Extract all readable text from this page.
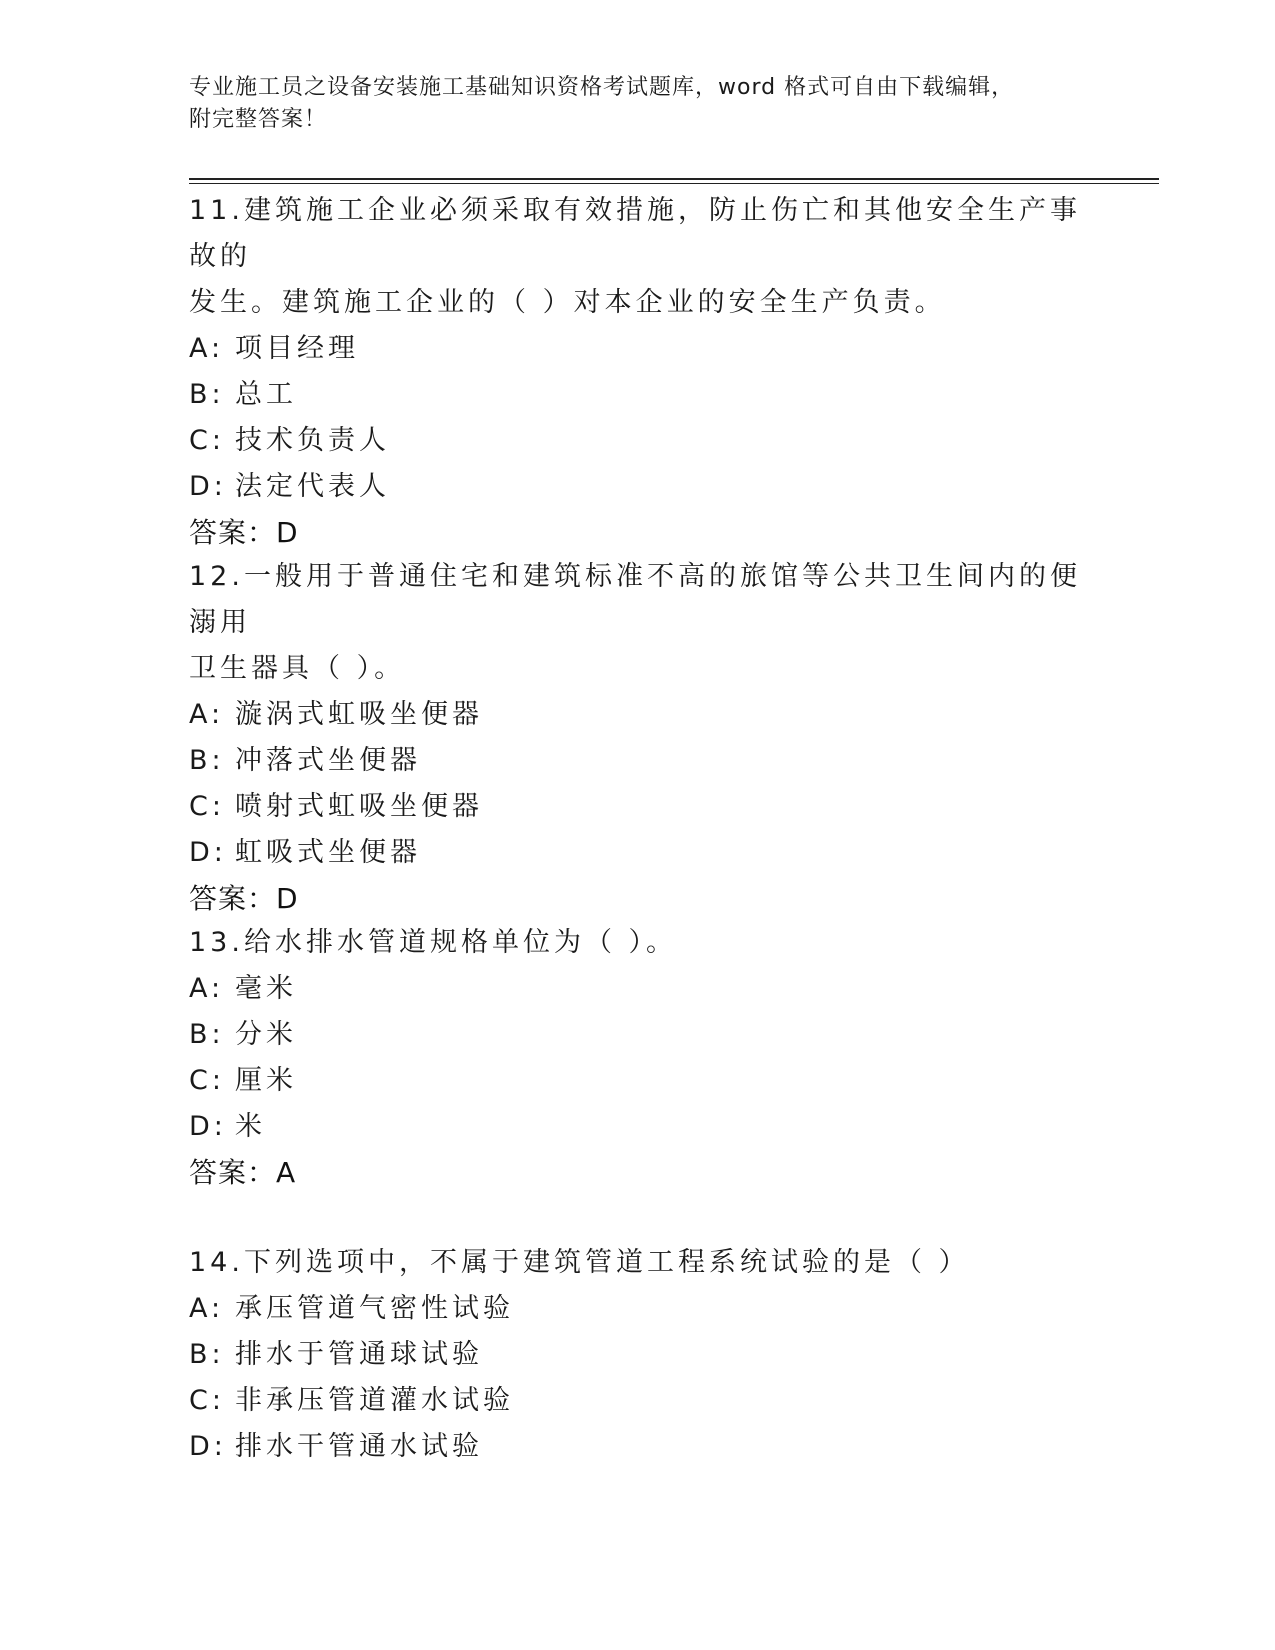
专业施工员之设备安装施工基础知识资格考试题库，word 格式可自由下载编辑，
附完整答案！
11.建筑施工企业必须采取有效措施，防止伤亡和其他安全生产事故的
发生。建筑施工企业的（ ）对本企业的安全生产负责。
A: 项目经理
B: 总工
C: 技术负责人
D: 法定代表人
答案：D
12.一般用于普通住宅和建筑标准不高的旅馆等公共卫生间内的便溺用
卫生器具（ ）。
A: 漩涡式虹吸坐便器
B: 冲落式坐便器
C: 喷射式虹吸坐便器
D: 虹吸式坐便器
答案：D
13.给水排水管道规格单位为（ ）。
A: 毫米
B: 分米
C: 厘米
D: 米
答案：A
14.下列选项中，不属于建筑管道工程系统试验的是（ ）
A: 承压管道气密性试验
B: 排水于管通球试验
C: 非承压管道灌水试验
D: 排水干管通水试验
